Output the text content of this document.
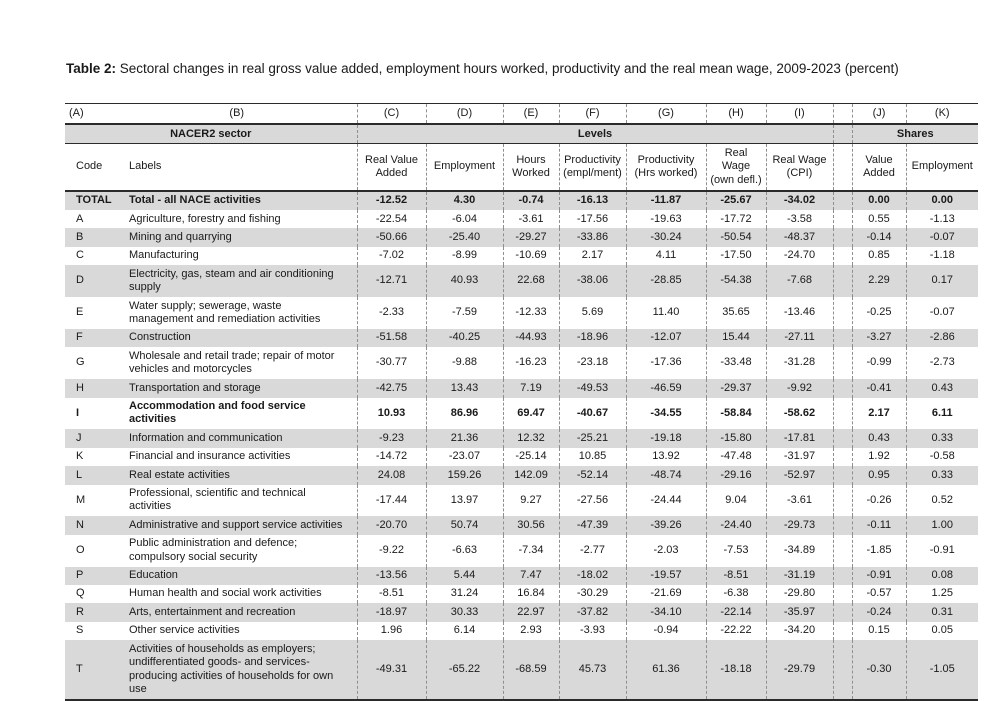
Table 2: Sectoral changes in real gross value added, employment hours worked, productivity and the real mean wage, 2009-2023 (percent)
(A)	(B)	(C)	(D)	(E)	(F)	(G)	(H)	(I)		(J)	(K)
NACER2 sector		Levels								Shares	
Code	Labels	Real Value Added	Employment	Hours Worked	Productivity (empl/ment)	Productivity (Hrs worked)	Real Wage (own defl.)	Real Wage (CPI)		Value Added	Employment
TOTAL	Total - all NACE activities	-12.52	4.30	-0.74	-16.13	-11.87	-25.67	-34.02		0.00	0.00
A	Agriculture, forestry and fishing	-22.54	-6.04	-3.61	-17.56	-19.63	-17.72	-3.58		0.55	-1.13
B	Mining and quarrying	-50.66	-25.40	-29.27	-33.86	-30.24	-50.54	-48.37		-0.14	-0.07
C	Manufacturing	-7.02	-8.99	-10.69	2.17	4.11	-17.50	-24.70		0.85	-1.18
D	Electricity, gas, steam and air conditioning supply	-12.71	40.93	22.68	-38.06	-28.85	-54.38	-7.68		2.29	0.17
E	Water supply; sewerage, waste management and remediation activities	-2.33	-7.59	-12.33	5.69	11.40	35.65	-13.46		-0.25	-0.07
F	Construction	-51.58	-40.25	-44.93	-18.96	-12.07	15.44	-27.11		-3.27	-2.86
G	Wholesale and retail trade; repair of motor vehicles and motorcycles	-30.77	-9.88	-16.23	-23.18	-17.36	-33.48	-31.28		-0.99	-2.73
H	Transportation and storage	-42.75	13.43	7.19	-49.53	-46.59	-29.37	-9.92		-0.41	0.43
I	Accommodation and food service activities	10.93	86.96	69.47	-40.67	-34.55	-58.84	-58.62		2.17	6.11
J	Information and communication	-9.23	21.36	12.32	-25.21	-19.18	-15.80	-17.81		0.43	0.33
K	Financial and insurance activities	-14.72	-23.07	-25.14	10.85	13.92	-47.48	-31.97		1.92	-0.58
L	Real estate activities	24.08	159.26	142.09	-52.14	-48.74	-29.16	-52.97		0.95	0.33
M	Professional, scientific and technical activities	-17.44	13.97	9.27	-27.56	-24.44	9.04	-3.61		-0.26	0.52
N	Administrative and support service activities	-20.70	50.74	30.56	-47.39	-39.26	-24.40	-29.73		-0.11	1.00
O	Public administration and defence; compulsory social security	-9.22	-6.63	-7.34	-2.77	-2.03	-7.53	-34.89		-1.85	-0.91
P	Education	-13.56	5.44	7.47	-18.02	-19.57	-8.51	-31.19		-0.91	0.08
Q	Human health and social work activities	-8.51	31.24	16.84	-30.29	-21.69	-6.38	-29.80		-0.57	1.25
R	Arts, entertainment and recreation	-18.97	30.33	22.97	-37.82	-34.10	-22.14	-35.97		-0.24	0.31
S	Other service activities	1.96	6.14	2.93	-3.93	-0.94	-22.22	-34.20		0.15	0.05
T	Activities of households as employers; undifferentiated goods- and services-producing activities of households for own use	-49.31	-65.22	-68.59	45.73	61.36	-18.18	-29.79		-0.30	-1.05
